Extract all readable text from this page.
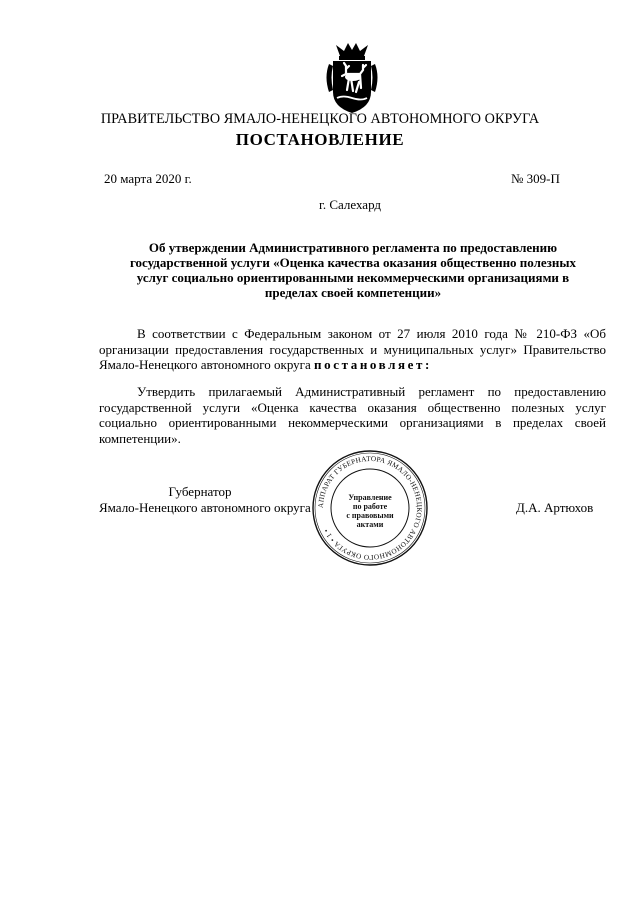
ПРАВИТЕЛЬСТВО ЯМАЛО-НЕНЕЦКОГО АВТОНОМНОГО ОКРУГА
ПОСТАНОВЛЕНИЕ
20 марта 2020 г.	№ 309-П
г. Салехард
Об утверждении Административного регламента по предоставлению государственной услуги «Оценка качества оказания общественно полезных услуг социально ориентированными некоммерческими организациями в пределах своей компетенции»
В соответствии с Федеральным законом от 27 июля 2010 года № 210-ФЗ «Об организации предоставления государственных и муниципальных услуг» Правительство Ямало-Ненецкого автономного округа постановляет:
Утвердить прилагаемый Административный регламент по предоставлению государственной услуги «Оценка качества оказания общественно полезных услуг социально ориентированными некоммерческими организациями в пределах своей компетенции».
Губернатор
Ямало-Ненецкого автономного округа	Д.А. Артюхов
АППАРАТ ГУБЕРНАТОРА ЯМАЛО-НЕНЕЦКОГО АВТОНОМНОГО ОКРУГА • 1 •
Управление
по работе
с правовыми
актами
